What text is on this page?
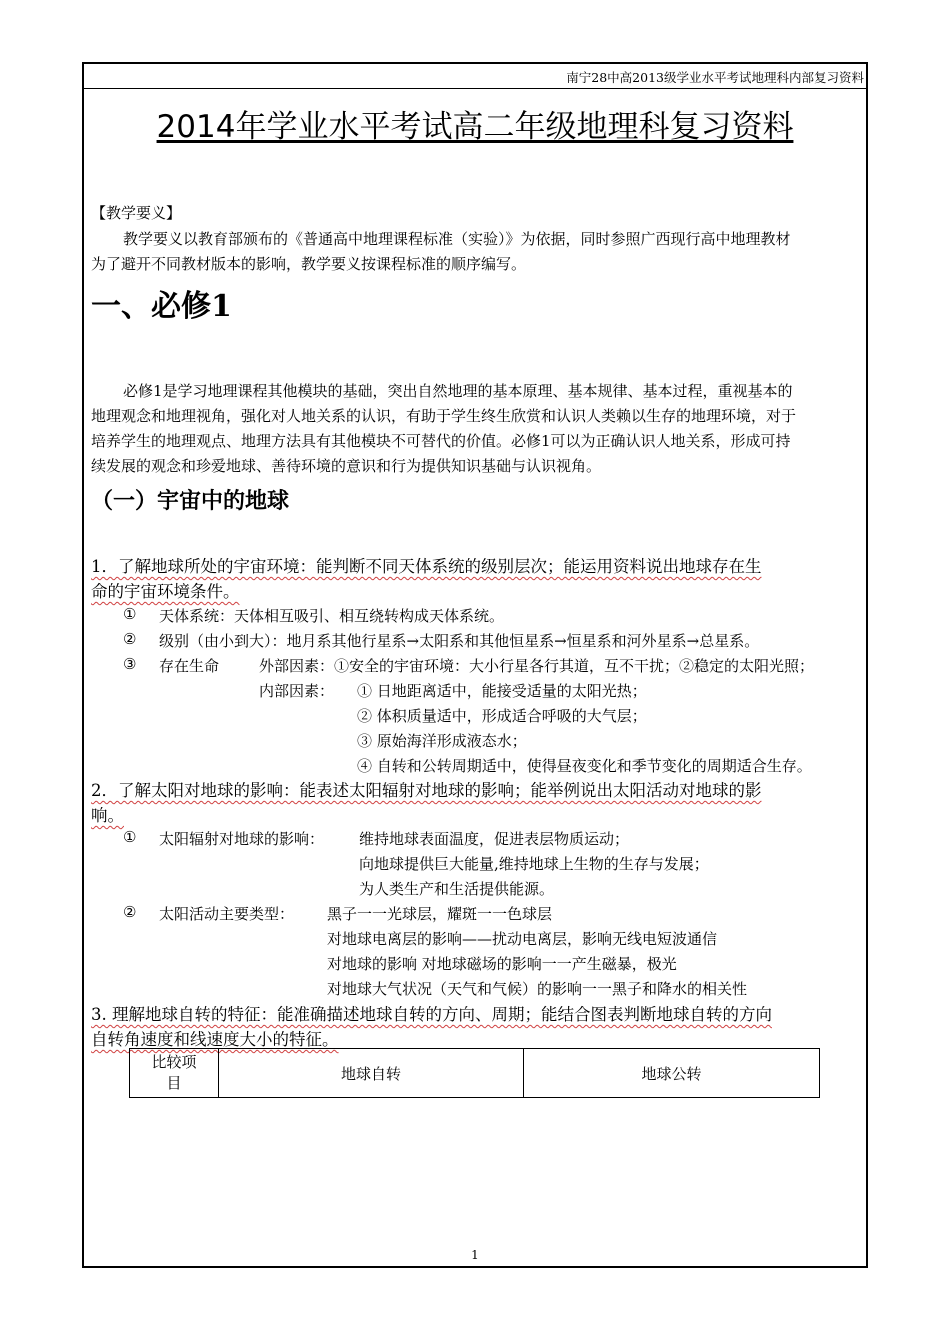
南宁28中高2013级学业水平考试地理科内部复习资料
2014年学业水平考试高二年级地理科复习资料
【教学要义】
教学要义以教育部颁布的《普通高中地理课程标准（实验）》为依据，同时参照广西现行高中地理教材
为了避开不同教材版本的影响，教学要义按课程标准的顺序编写。
一、必修1
必修1是学习地理课程其他模块的基础，突出自然地理的基本原理、基本规律、基本过程，重视基本的
地理观念和地理视角，强化对人地关系的认识，有助于学生终生欣赏和认识人类赖以生存的地理环境，对于
培养学生的地理观点、地理方法具有其他模块不可替代的价值。必修1可以为正确认识人地关系，形成可持
续发展的观念和珍爱地球、善待环境的意识和行为提供知识基础与认识视角。
（一）宇宙中的地球
1．了解地球所处的宇宙环境：能判断不同天体系统的级别层次；能运用资料说出地球存在生
命的宇宙环境条件。
① 天体系统：天体相互吸引、相互绕转构成天体系统。
② 级别（由小到大）：地月系其他行星系→太阳系和其他恒星系→恒星系和河外星系→总星系。
③ 存在生命	外部因素：①安全的宇宙环境：大小行星各行其道，互不干扰；②稳定的太阳光照；
内部因素： ① 日地距离适中，能接受适量的太阳光热；
② 体积质量适中，形成适合呼吸的大气层；
③ 原始海洋形成液态水；
④ 自转和公转周期适中，使得昼夜变化和季节变化的周期适合生存。
2．了解太阳对地球的影响：能表述太阳辐射对地球的影响；能举例说出太阳活动对地球的影
响。
① 太阳辐射对地球的影响： 维持地球表面温度，促进表层物质运动；
向地球提供巨大能量,维持地球上生物的生存与发展；
为人类生产和生活提供能源。
② 太阳活动主要类型： 黑子一一光球层，耀斑一一色球层
对地球电离层的影响——扰动电离层，影响无线电短波通信
对地球的影响 对地球磁场的影响一一产生磁暴，极光
对地球大气状况（天气和气候）的影响一一黑子和降水的相关性
3. 理解地球自转的特征：能准确描述地球自转的方向、周期；能结合图表判断地球自转的方向
自转角速度和线速度大小的特征。
比较项
目	地球自转	地球公转
1
